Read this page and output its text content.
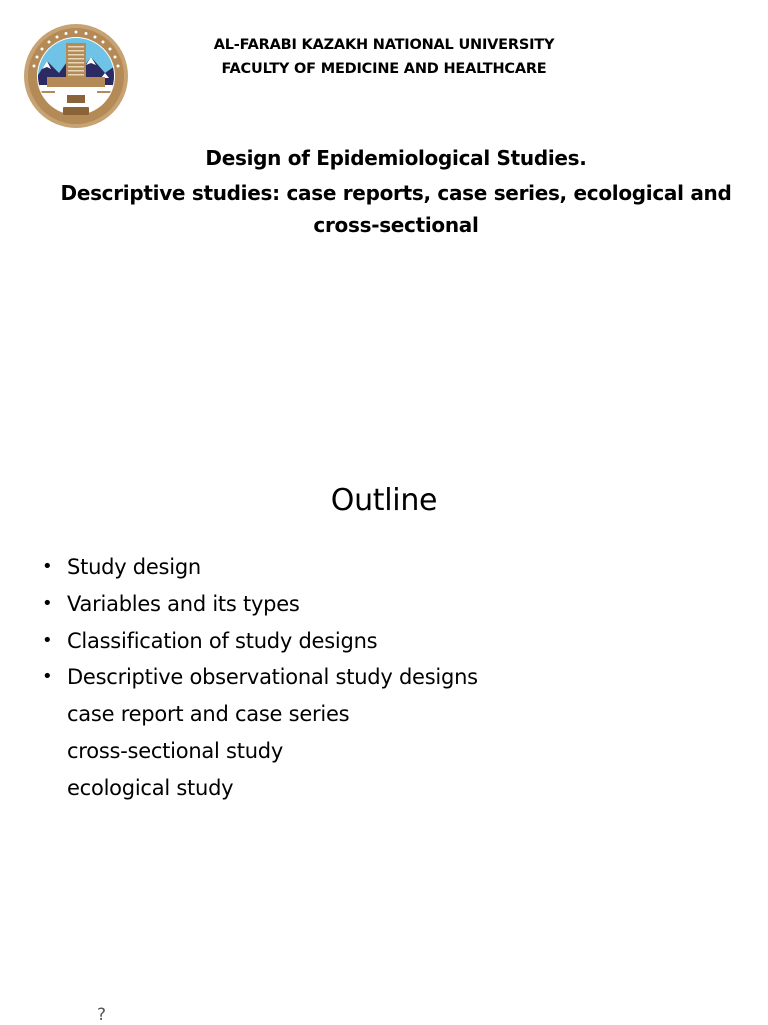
AL-FARABI KAZAKH NATIONAL UNIVERSITY
FACULTY OF MEDICINE AND HEALTHCARE
Design of Epidemiological Studies.
Descriptive studies: case reports, case series, ecological and cross-sectional
Outline
• Study design
• Variables and its types
• Classification of study designs
• Descriptive observational study designs
case report and case series
cross-sectional study
ecological study
?
